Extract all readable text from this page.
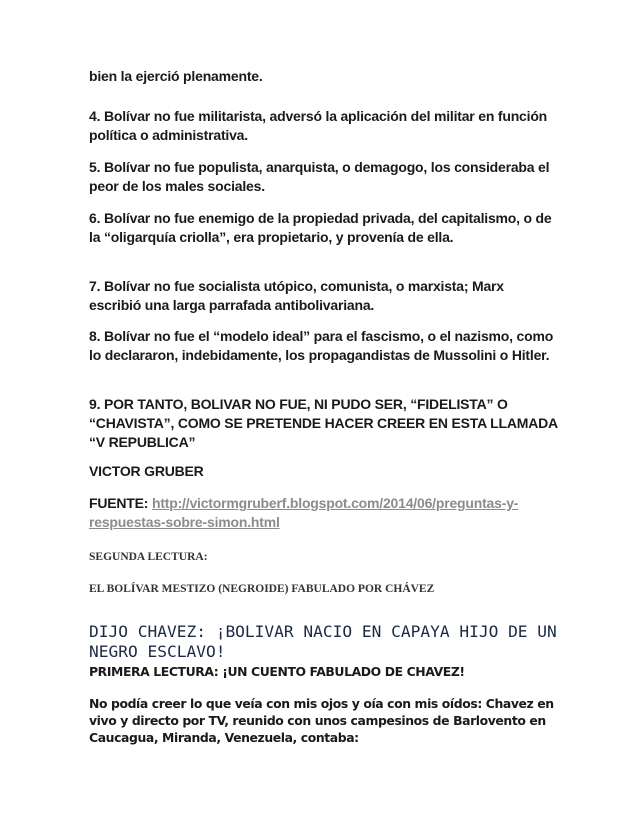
bien la ejerció plenamente.

4. Bolívar no fue militarista, adversó la aplicación del militar en función política o administrativa.

5. Bolívar no fue populista, anarquista, o demagogo, los consideraba el peor de los males sociales.

6. Bolívar no fue enemigo de la propiedad privada, del capitalismo, o de la “oligarquía criolla”, era propietario, y provenía de ella.

7. Bolívar no fue socialista utópico, comunista, o marxista; Marx escribió una larga parrafada antibolivariana.

8. Bolívar no fue el “modelo ideal” para el fascismo, o el nazismo, como lo declararon, indebidamente, los propagandistas de Mussolini o Hitler.

9. POR TANTO, BOLIVAR NO FUE, NI PUDO SER, “FIDELISTA” O “CHAVISTA”, COMO SE PRETENDE HACER CREER EN ESTA LLAMADA “V REPUBLICA”

VICTOR GRUBER

FUENTE: http://victormgruberf.blogspot.com/2014/06/preguntas-y-respuestas-sobre-simon.html

SEGUNDA LECTURA:

EL BOLÍVAR MESTIZO (NEGROIDE) FABULADO POR CHÁVEZ

DIJO CHAVEZ: ¡BOLIVAR NACIO EN CAPAYA HIJO DE UN NEGRO ESCLAVO!

PRIMERA LECTURA: ¡UN CUENTO FABULADO DE CHAVEZ!

No podía creer lo que veía con mis ojos y oía con mis oídos: Chavez en vivo y directo por TV, reunido con unos campesinos de Barlovento en Caucagua, Miranda, Venezuela, contaba:
